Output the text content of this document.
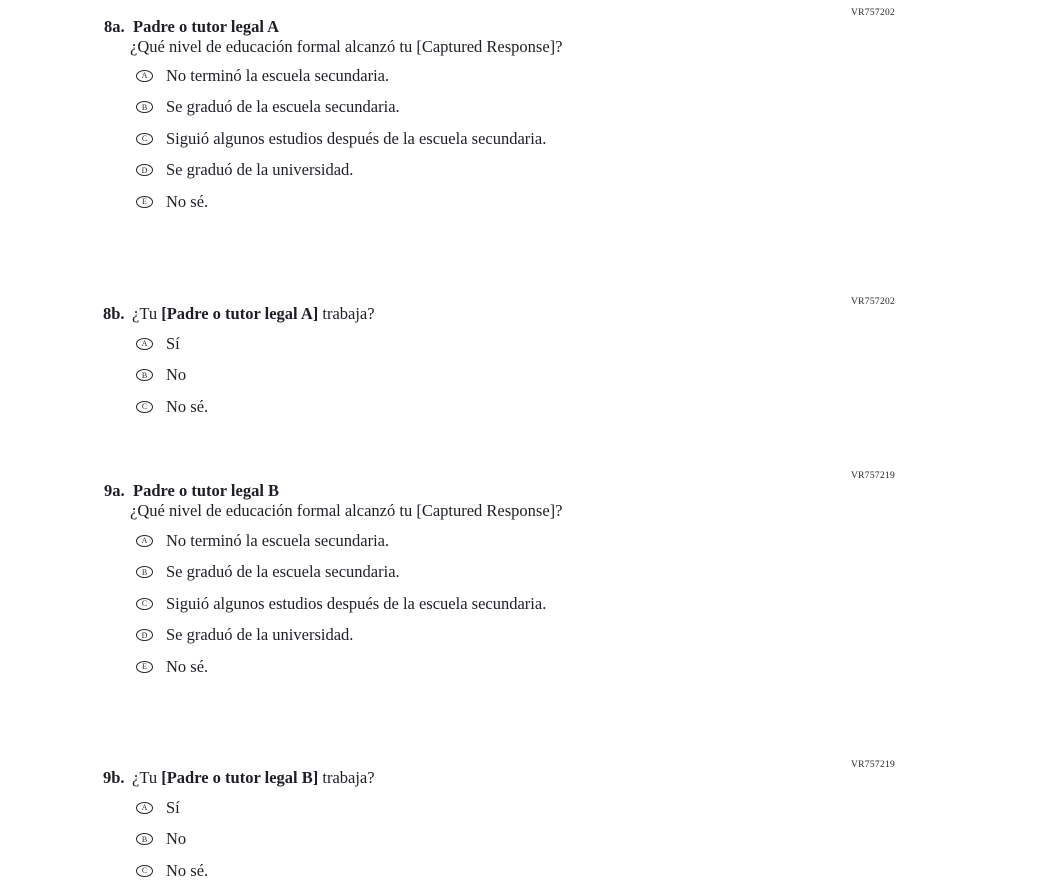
VR757202
8a. Padre o tutor legal A
¿Qué nivel de educación formal alcanzó tu [Captured Response]?
A	No terminó la escuela secundaria.
B	Se graduó de la escuela secundaria.
C	Siguió algunos estudios después de la escuela secundaria.
D	Se graduó de la universidad.
E	No sé.
VR757202
8b. ¿Tu [Padre o tutor legal A] trabaja?
A	Sí
B	No
C	No sé.
VR757219
9a. Padre o tutor legal B
¿Qué nivel de educación formal alcanzó tu [Captured Response]?
A	No terminó la escuela secundaria.
B	Se graduó de la escuela secundaria.
C	Siguió algunos estudios después de la escuela secundaria.
D	Se graduó de la universidad.
E	No sé.
VR757219
9b. ¿Tu [Padre o tutor legal B] trabaja?
A	Sí
B	No
C	No sé.
